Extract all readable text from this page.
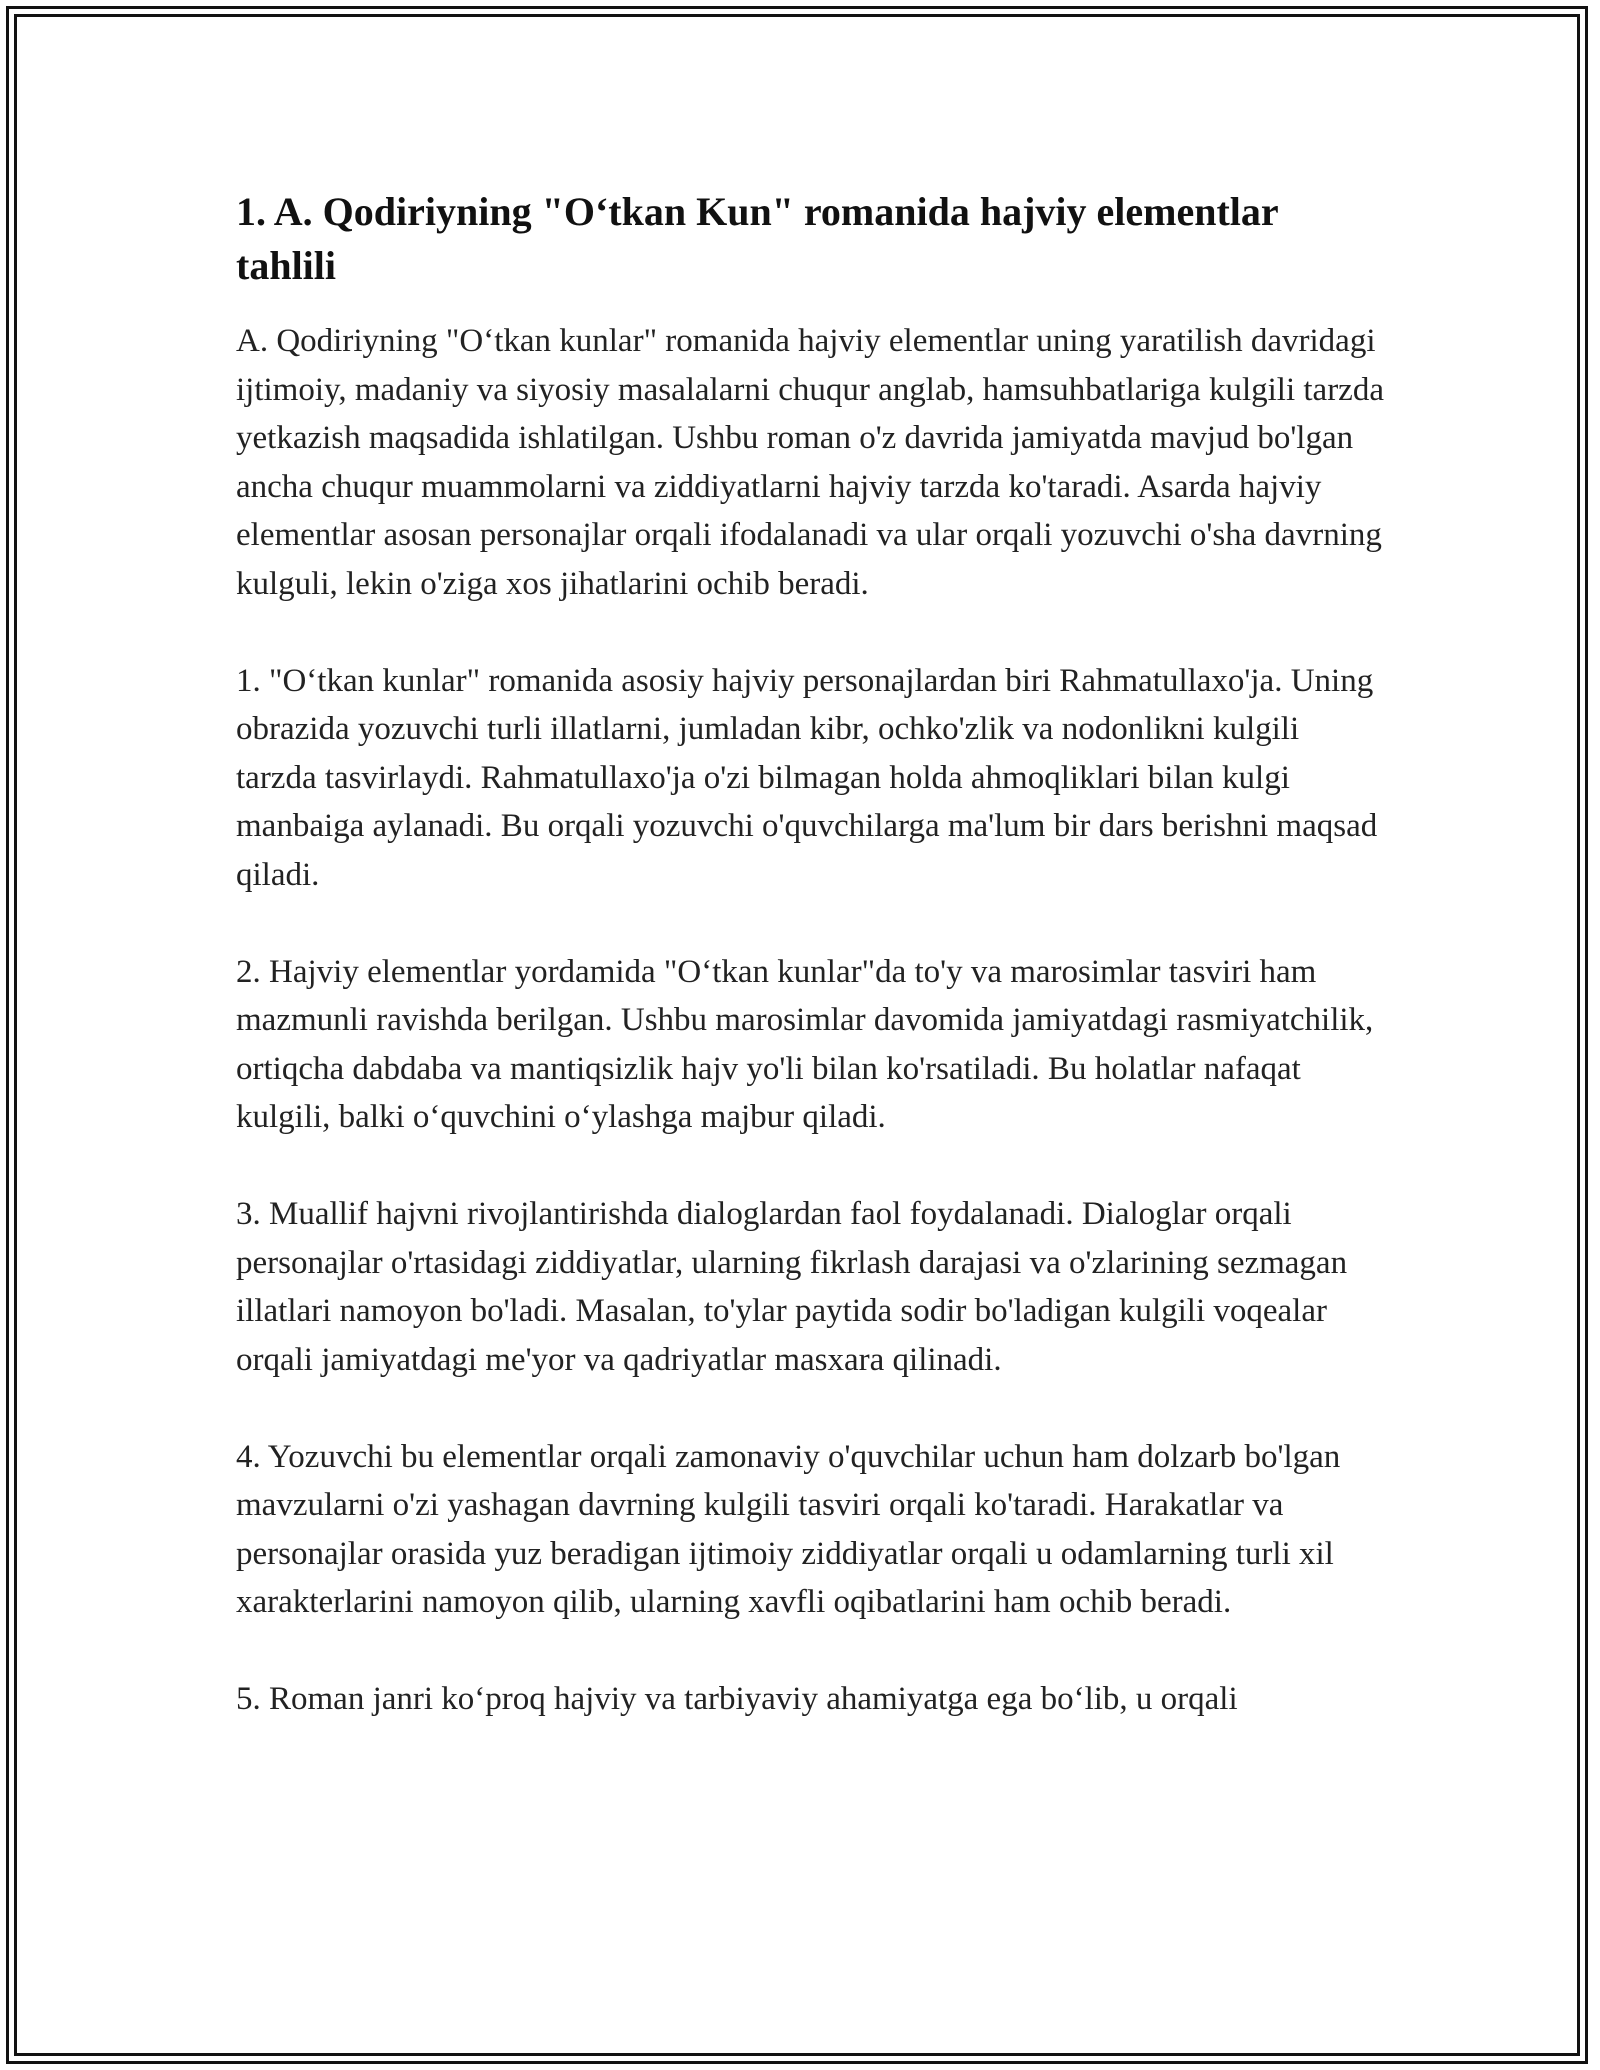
1. A. Qodiriyning "O‘tkan Kun" romanida hajviy elementlar tahlili

A. Qodiriyning "O‘tkan kunlar" romanida hajviy elementlar uning yaratilish davridagi ijtimoiy, madaniy va siyosiy masalalarni chuqur anglab, hamsuhbatlariga kulgili tarzda yetkazish maqsadida ishlatilgan. Ushbu roman o'z davrida jamiyatda mavjud bo'lgan ancha chuqur muammolarni va ziddiyatlarni hajviy tarzda ko'taradi. Asarda hajviy elementlar asosan personajlar orqali ifodalanadi va ular orqali yozuvchi o'sha davrning kulguli, lekin o'ziga xos jihatlarini ochib beradi.

1. "O‘tkan kunlar" romanida asosiy hajviy personajlardan biri Rahmatullaxo'ja. Uning obrazida yozuvchi turli illatlarni, jumladan kibr, ochko'zlik va nodonlikni kulgili tarzda tasvirlaydi. Rahmatullaxo'ja o'zi bilmagan holda ahmoqliklari bilan kulgi manbaiga aylanadi. Bu orqali yozuvchi o'quvchilarga ma'lum bir dars berishni maqsad qiladi.

2. Hajviy elementlar yordamida "O‘tkan kunlar"da to'y va marosimlar tasviri ham mazmunli ravishda berilgan. Ushbu marosimlar davomida jamiyatdagi rasmiyatchilik, ortiqcha dabdaba va mantiqsizlik hajv yo'li bilan ko'rsatiladi. Bu holatlar nafaqat kulgili, balki o‘quvchini o‘ylashga majbur qiladi.

3. Muallif hajvni rivojlantirishda dialoglardan faol foydalanadi. Dialoglar orqali personajlar o'rtasidagi ziddiyatlar, ularning fikrlash darajasi va o'zlarining sezmagan illatlari namoyon bo'ladi. Masalan, to'ylar paytida sodir bo'ladigan kulgili voqealar orqali jamiyatdagi me'yor va qadriyatlar masxara qilinadi.

4. Yozuvchi bu elementlar orqali zamonaviy o'quvchilar uchun ham dolzarb bo'lgan mavzularni o'zi yashagan davrning kulgili tasviri orqali ko'taradi. Harakatlar va personajlar orasida yuz beradigan ijtimoiy ziddiyatlar orqali u odamlarning turli xil xarakterlarini namoyon qilib, ularning xavfli oqibatlarini ham ochib beradi.

5. Roman janri ko‘proq hajviy va tarbiyaviy ahamiyatga ega bo‘lib, u orqali
